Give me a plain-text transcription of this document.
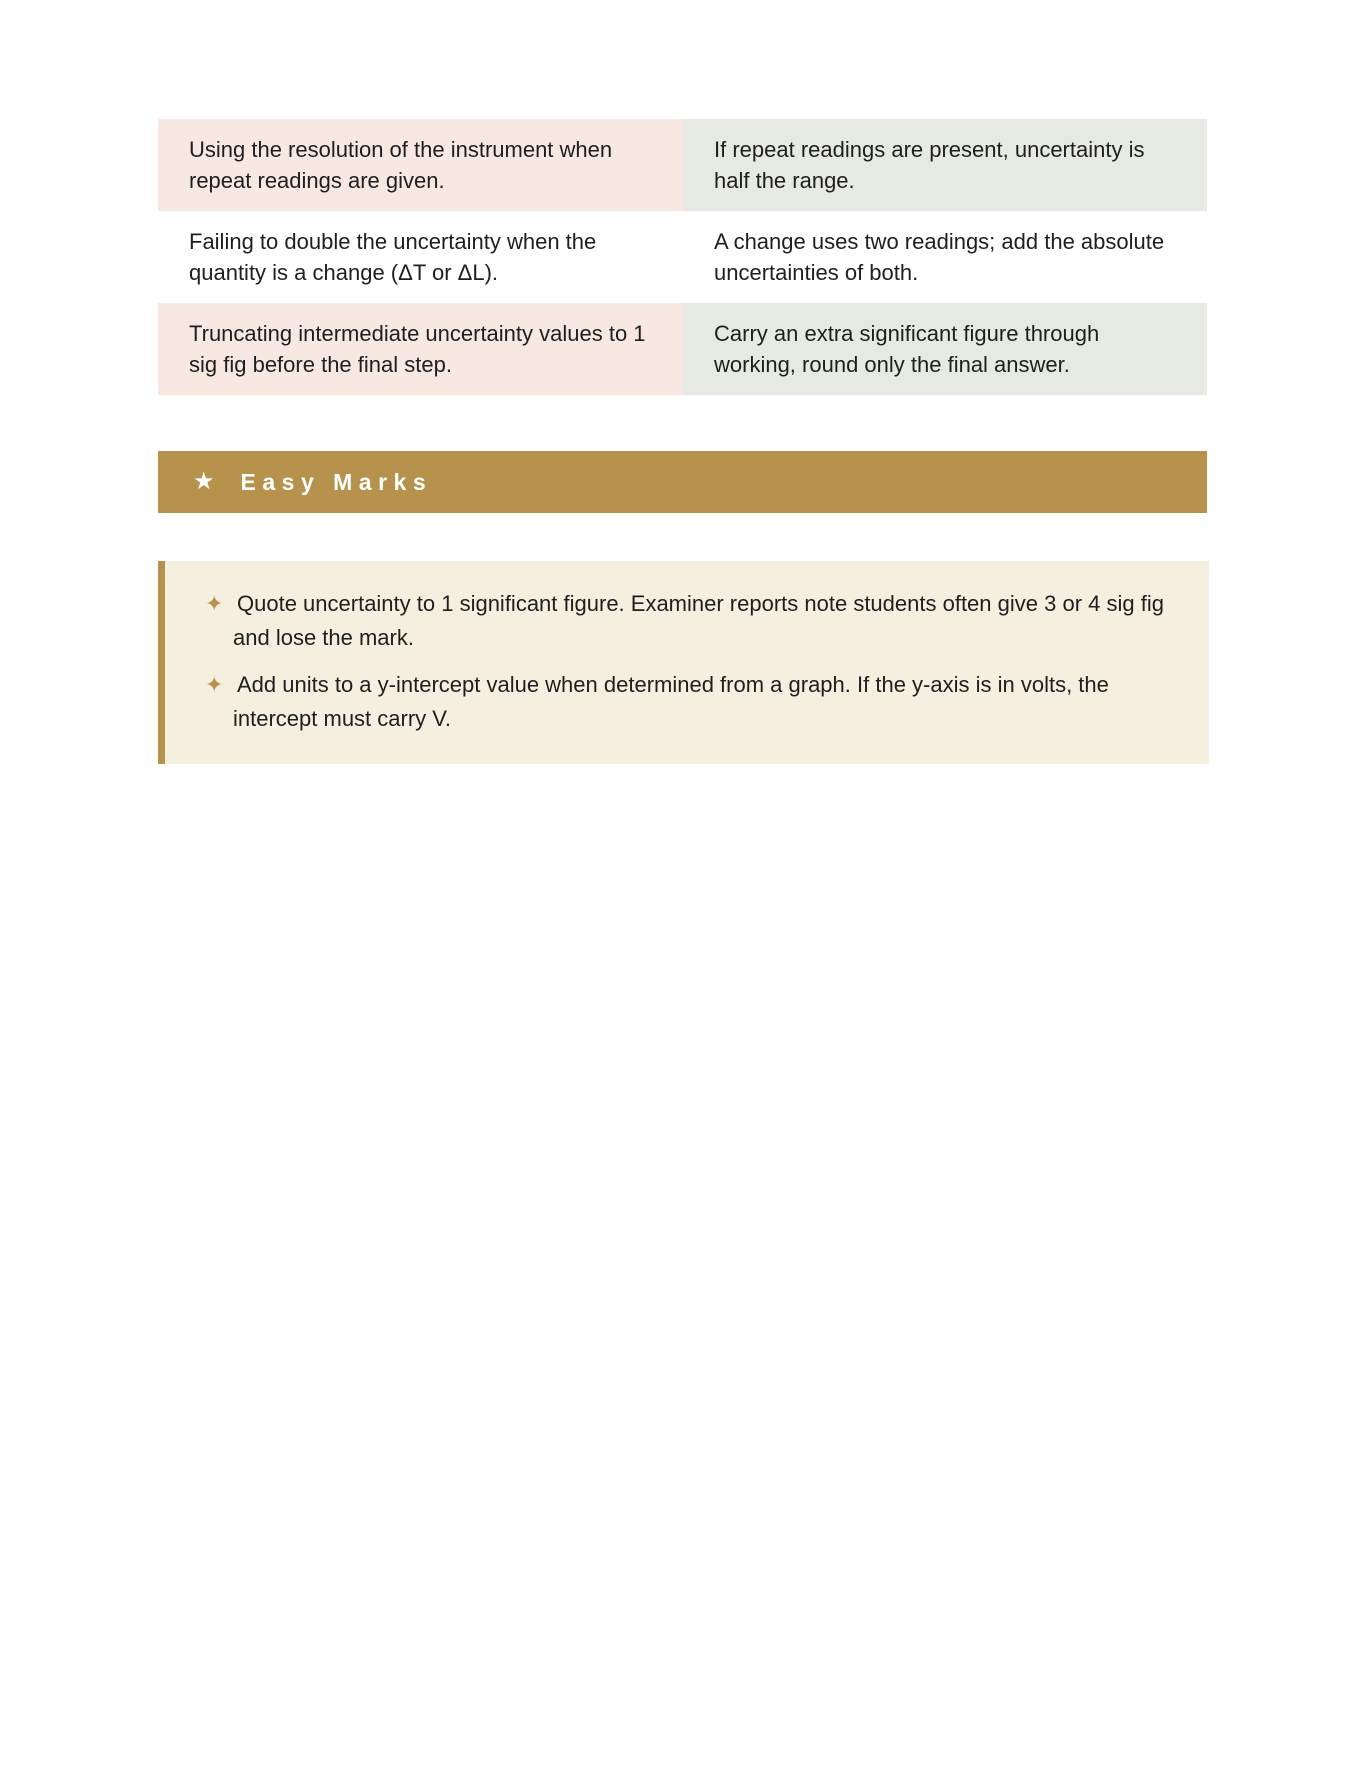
Using the resolution of the instrument when repeat readings are given.	If repeat readings are present, uncertainty is half the range.
Failing to double the uncertainty when the quantity is a change (ΔT or ΔL).	A change uses two readings; add the absolute uncertainties of both.
Truncating intermediate uncertainty values to 1 sig fig before the final step.	Carry an extra significant figure through working, round only the final answer.
★ Easy Marks
✦ Quote uncertainty to 1 significant figure. Examiner reports note students often give 3 or 4 sig fig and lose the mark.
✦ Add units to a y-intercept value when determined from a graph. If the y-axis is in volts, the intercept must carry V.
